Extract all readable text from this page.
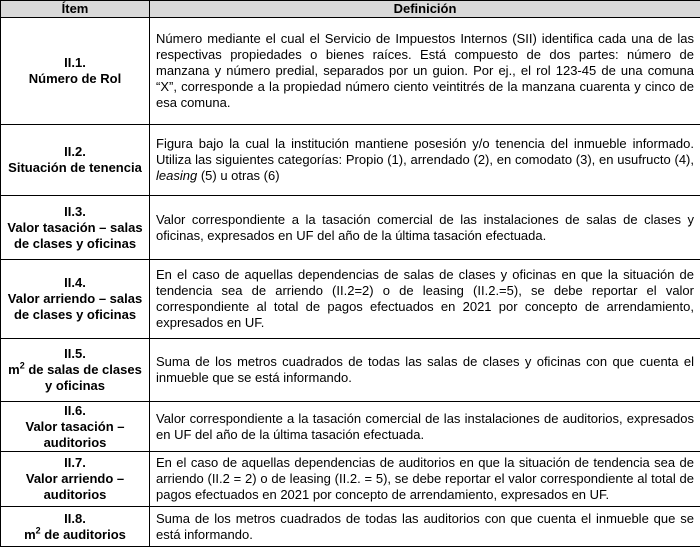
Ítem	Definición

II.1.
Número de Rol	Número mediante el cual el Servicio de Impuestos Internos (SII) identifica cada una de las respectivas propiedades o bienes raíces. Está compuesto de dos partes: número de manzana y número predial, separados por un guion. Por ej., el rol 123-45 de una comuna “X”, corresponde a la propiedad número ciento veintitrés de la manzana cuarenta y cinco de esa comuna.

II.2.
Situación de tenencia	Figura bajo la cual la institución mantiene posesión y/o tenencia del inmueble informado. Utiliza las siguientes categorías: Propio (1), arrendado (2), en comodato (3), en usufructo (4), leasing (5) u otras (6)

II.3.
Valor tasación – salas de clases y oficinas	Valor correspondiente a la tasación comercial de las instalaciones de salas de clases y oficinas, expresados en UF del año de la última tasación efectuada.

II.4.
Valor arriendo – salas de clases y oficinas	En el caso de aquellas dependencias de salas de clases y oficinas en que la situación de tendencia sea de arriendo (II.2=2) o de leasing (II.2.=5), se debe reportar el valor correspondiente al total de pagos efectuados en 2021 por concepto de arrendamiento, expresados en UF.

II.5.
$m^2$ de salas de clases y oficinas	Suma de los metros cuadrados de todas las salas de clases y oficinas con que cuenta el inmueble que se está informando.

II.6.
Valor tasación – auditorios	Valor correspondiente a la tasación comercial de las instalaciones de auditorios, expresados en UF del año de la última tasación efectuada.

II.7.
Valor arriendo – auditorios	En el caso de aquellas dependencias de auditorios en que la situación de tendencia sea de arriendo (II.2 = 2) o de leasing (II.2. = 5), se debe reportar el valor correspondiente al total de pagos efectuados en 2021 por concepto de arrendamiento, expresados en UF.

II.8.
$m^2$ de auditorios	Suma de los metros cuadrados de todas las auditorios con que cuenta el inmueble que se está informando.
